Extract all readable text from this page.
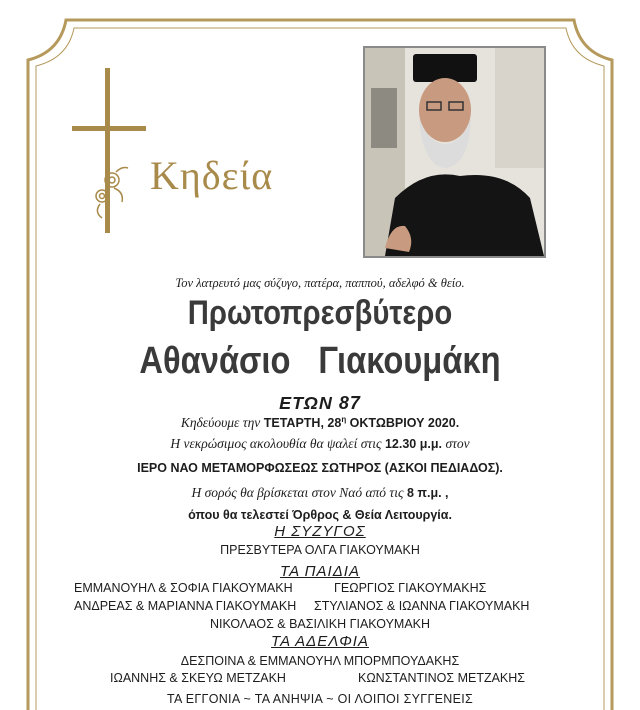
Κηδεία
Τον λατρευτό μας σύζυγο, πατέρα, παππού, αδελφό & θείο.
Πρωτοπρεσβύτερο
Αθανάσιο Γιακουμάκη
ΕΤΩΝ 87
Κηδεύουμε την ΤΕΤΑΡΤΗ, $28^\eta$ ΟΚΤΩΒΡΙΟΥ 2020.
Η νεκρώσιμος ακολουθία θα ψαλεί στις 12.30 μ.μ. στον
ΙΕΡΟ ΝΑΟ ΜΕΤΑΜΟΡΦΩΣΕΩΣ ΣΩΤΗΡΟΣ (ΑΣΚΟΙ ΠΕΔΙΑΔΟΣ).
Η σορός θα βρίσκεται στον Ναό από τις 8 π.μ. ,
όπου θα τελεστεί Όρθρος & Θεία Λειτουργία.
Η ΣΥΖΥΓΟΣ
ΠΡΕΣΒΥΤΕΡΑ ΟΛΓΑ ΓΙΑΚΟΥΜΑΚΗ
ΤΑ ΠΑΙΔΙΑ
ΕΜΜΑΝΟΥΗΛ & ΣΟΦΙΑ ΓΙΑΚΟΥΜΑΚΗ	ΓΕΩΡΓΙΟΣ ΓΙΑΚΟΥΜΑΚΗΣ
ΑΝΔΡΕΑΣ & ΜΑΡΙΑΝΝΑ ΓΙΑΚΟΥΜΑΚΗ ΣΤΥΛΙΑΝΟΣ & ΙΩΑΝΝΑ ΓΙΑΚΟΥΜΑΚΗ
ΝΙΚΟΛΑΟΣ & ΒΑΣΙΛΙΚΗ ΓΙΑΚΟΥΜΑΚΗ
ΤΑ ΑΔΕΛΦΙΑ
ΔΕΣΠΟΙΝΑ & ΕΜΜΑΝΟΥΗΛ ΜΠΟΡΜΠΟΥΔΑΚΗΣ
ΙΩΑΝΝΗΣ & ΣΚΕΥΩ ΜΕΤΖΑΚΗ	ΚΩΝΣΤΑΝΤΙΝΟΣ ΜΕΤΖΑΚΗΣ
ΤΑ ΕΓΓΟΝΙΑ ~ ΤΑ ΑΝΗΨΙΑ ~ ΟΙ ΛΟΙΠΟΙ ΣΥΓΓΕΝΕΙΣ
